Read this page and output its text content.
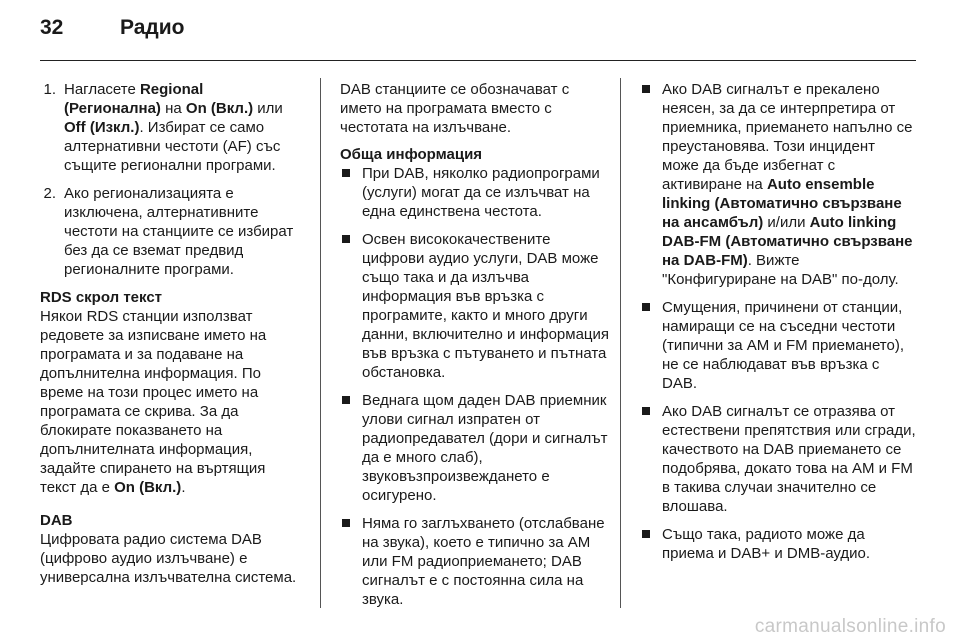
32	Радио
1. Нагласете Regional (Регионална) на On (Вкл.) или Off (Изкл.). Избират се само алтернативни честоти (AF) със същите регионални програми.
2. Ако регионализацията е изключена, алтернативните честоти на станциите се избират без да се вземат предвид регионалните програми.

RDS скрол текст

Някои RDS станции използват редовете за изписване името на програмата и за подаване на допълнителна информация. По време на този процес името на програмата се скрива. За да блокирате показването на допълнителната информация, задайте спирането на въртящия текст да е On (Вкл.).

DAB

Цифровата радио система DAB (цифрово аудио излъчване) е универсална излъчвателна система.

DAB станциите се обозначават с името на програмата вместо с честотата на излъчване.

Обща информация

При DAB, няколко радиопрограми (услуги) могат да се излъчват на една единствена честота.
Освен висококачествените цифрови аудио услуги, DAB може също така и да излъчва информация във връзка с програмите, както и много други данни, включително и информация във връзка с пътуването и пътната обстановка.
Веднага щом даден DAB приемник улови сигнал изпратен от радиопредавател (дори и сигналът да е много слаб), звуковъзпроизвеждането е осигурено.
Няма го заглъхването (отслабване на звука), което е типично за AM или FM радиоприемането; DAB сигналът е с постоянна сила на звука.
Ако DAB сигналът е прекалено неясен, за да се интерпретира от приемника, приемането напълно се преустановява. Този инцидент може да бъде избегнат с активиране на Auto ensemble linking (Автоматично свързване на ансамбъл) и/или Auto linking DAB-FM (Автоматично свързване на DAB-FM). Вижте "Конфигуриране на DAB" по-долу.
Смущения, причинени от станции, намиращи се на съседни честоти (типични за AM и FM приемането), не се наблюдават във връзка с DAB.
Ако DAB сигналът се отразява от естествени препятствия или сгради, качеството на DAB приемането се подобрява, докато това на AM и FM в такива случаи значително се влошава.
Също така, радиото може да приема и DAB+ и DMB-аудио.
carmanualsonline.info
